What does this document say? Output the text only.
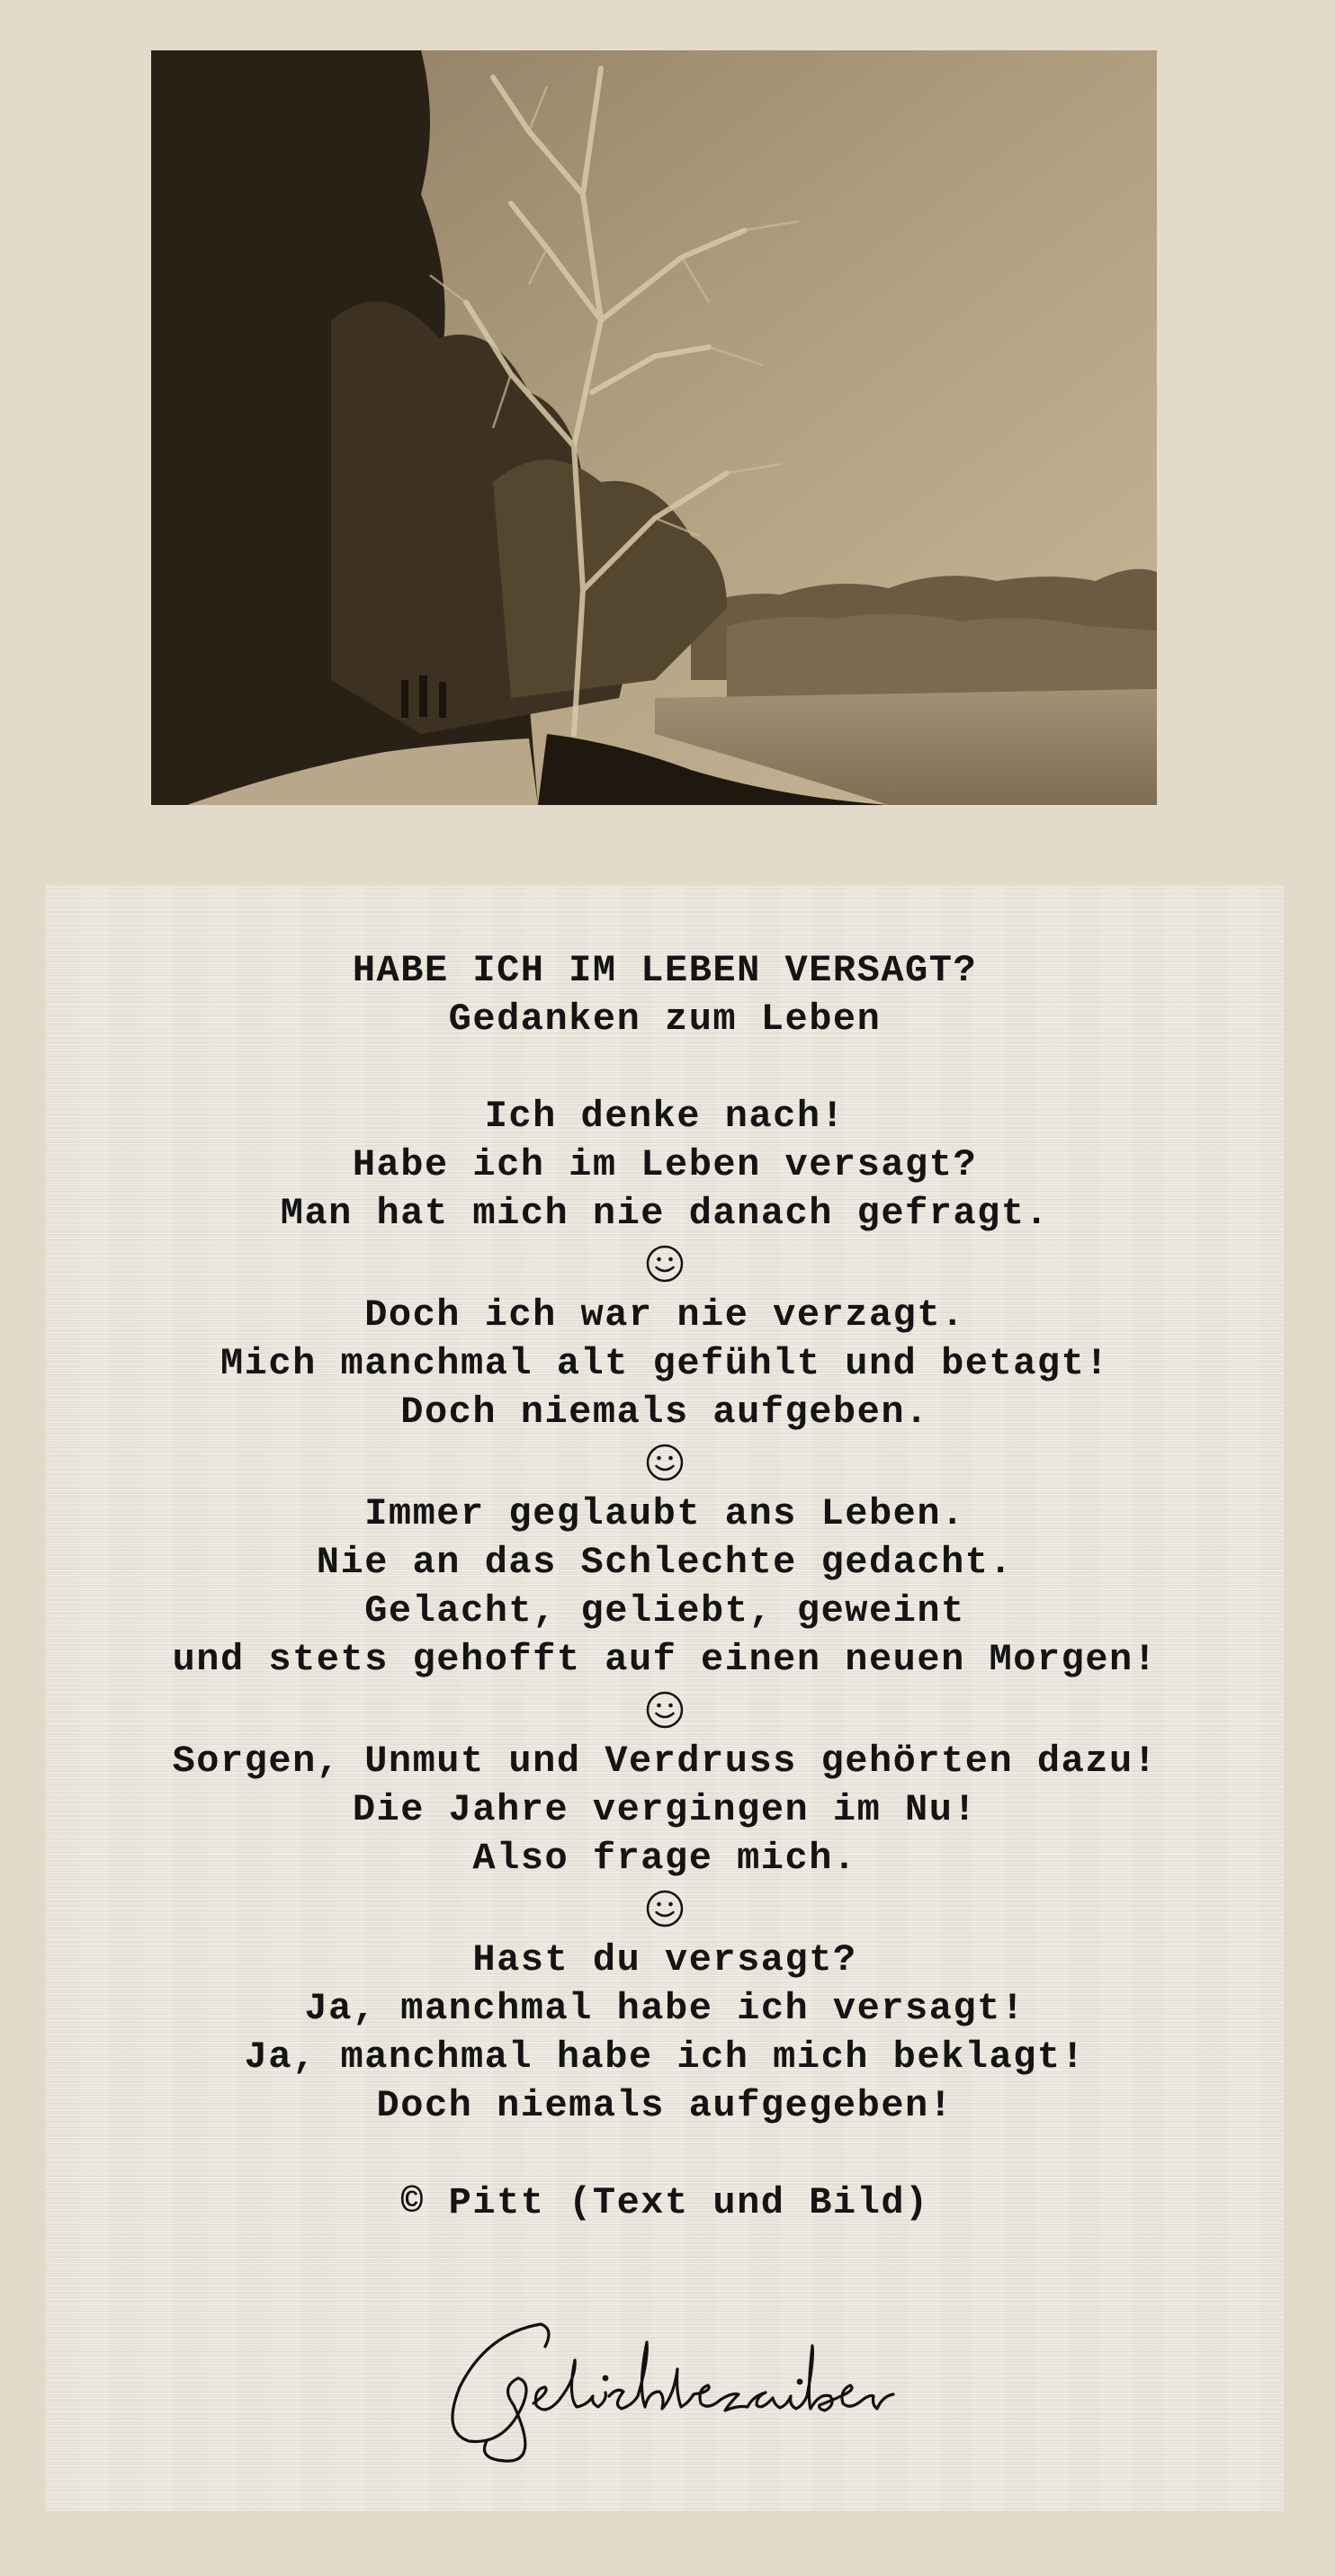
HABE ICH IM LEBEN VERSAGT?
Gedanken zum Leben
Ich denke nach!
Habe ich im Leben versagt?
Man hat mich nie danach gefragt.
Doch ich war nie verzagt.
Mich manchmal alt gefühlt und betagt!
Doch niemals aufgeben.
Immer geglaubt ans Leben.
Nie an das Schlechte gedacht.
Gelacht, geliebt, geweint
und stets gehofft auf einen neuen Morgen!
Sorgen, Unmut und Verdruss gehörten dazu!
Die Jahre vergingen im Nu!
Also frage mich.
Hast du versagt?
Ja, manchmal habe ich versagt!
Ja, manchmal habe ich mich beklagt!
Doch niemals aufgegeben!
© Pitt (Text und Bild)
